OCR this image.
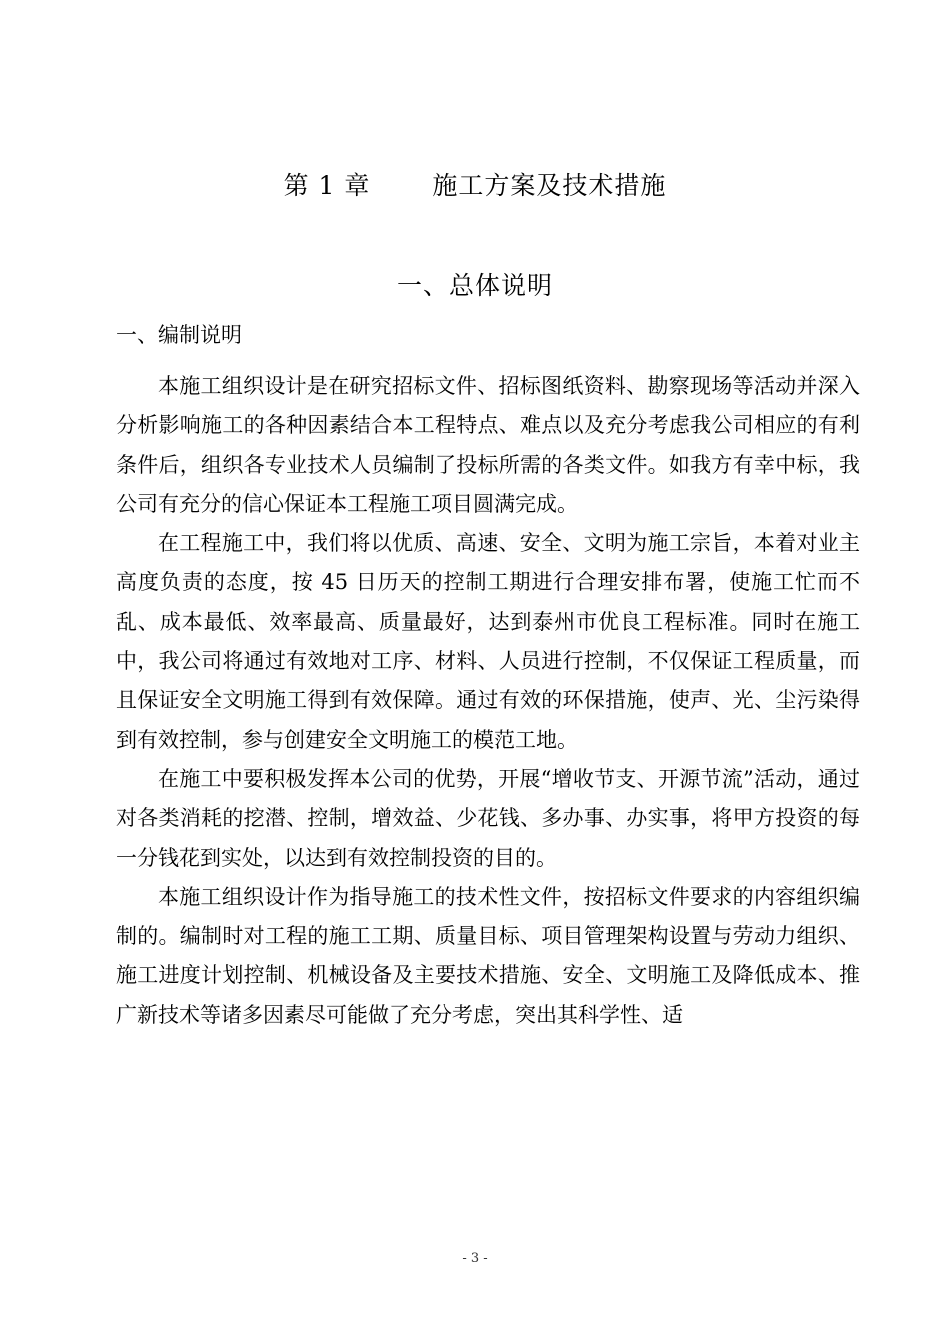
第 1 章 施工方案及技术措施
一、总体说明
一、编制说明

本施工组织设计是在研究招标文件、招标图纸资料、勘察现场等活动并深入分析影响施工的各种因素结合本工程特点、难点以及充分考虑我公司相应的有利条件后，组织各专业技术人员编制了投标所需的各类文件。如我方有幸中标，我公司有充分的信心保证本工程施工项目圆满完成。

在工程施工中，我们将以优质、高速、安全、文明为施工宗旨，本着对业主高度负责的态度，按 45 日历天的控制工期进行合理安排布署，使施工忙而不乱、成本最低、效率最高、质量最好，达到泰州市优良工程标准。同时在施工中，我公司将通过有效地对工序、材料、人员进行控制，不仅保证工程质量，而且保证安全文明施工得到有效保障。通过有效的环保措施，使声、光、尘污染得到有效控制，参与创建安全文明施工的模范工地。

在施工中要积极发挥本公司的优势，开展“增收节支、开源节流”活动，通过对各类消耗的挖潜、控制，增效益、少花钱、多办事、办实事，将甲方投资的每一分钱花到实处，以达到有效控制投资的目的。

本施工组织设计作为指导施工的技术性文件，按招标文件要求的内容组织编制的。编制时对工程的施工工期、质量目标、项目管理架构设置与劳动力组织、施工进度计划控制、机械设备及主要技术措施、安全、文明施工及降低成本、推广新技术等诸多因素尽可能做了充分考虑，突出其科学性、适

- 3 -
